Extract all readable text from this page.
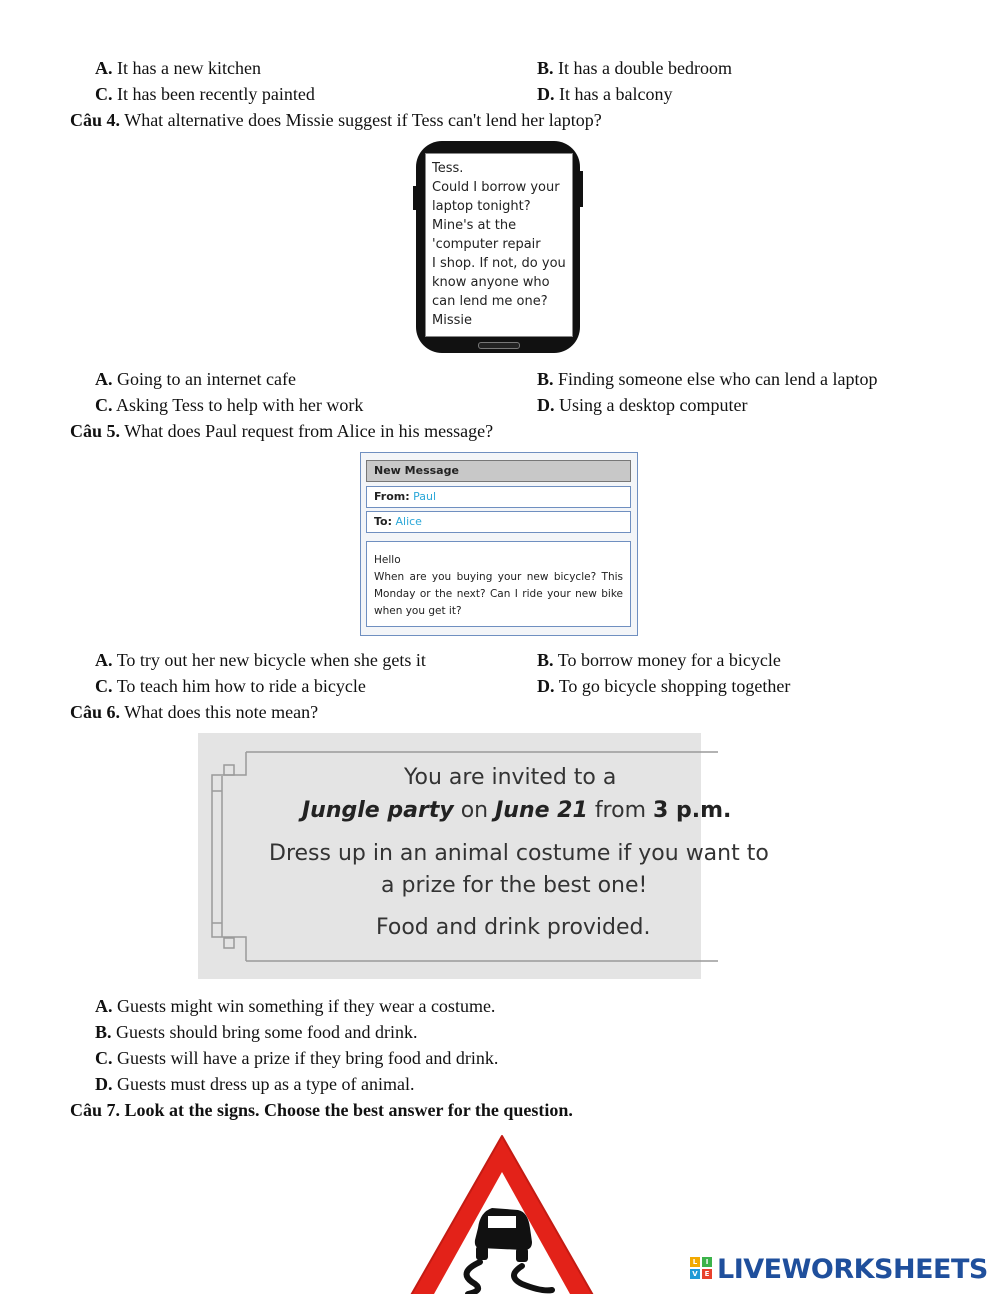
A. It has a new kitchen	B. It has a double bedroom
C. It has been recently painted	D. It has a balcony
Câu 4. What alternative does Missie suggest if Tess can't lend her laptop?
Tess.
Could I borrow your
laptop tonight?
Mine's at the
'computer repair
I shop. If not, do you
know anyone who
can lend me one?
Missie
A. Going to an internet cafe	B. Finding someone else who can lend a laptop
C. Asking Tess to help with her work	D. Using a desktop computer
Câu 5. What does Paul request from Alice in his message?
New Message
From: Paul
To: Alice
Hello
When are you buying your new bicycle? This Monday or the next? Can I ride your new bike when you get it?
A. To try out her new bicycle when she gets it	B. To borrow money for a bicycle
C. To teach him how to ride a bicycle	D. To go bicycle shopping together
Câu 6. What does this note mean?
You are invited to a
Jungle party on June 21 from 3 p.m.
Dress up in an animal costume if you want to
a prize for the best one!
Food and drink provided.
A. Guests might win something if they wear a costume.
B. Guests should bring some food and drink.
C. Guests will have a prize if they bring food and drink.
D. Guests must dress up as a type of animal.
Câu 7. Look at the signs. Choose the best answer for the question.
L	I
V E LIVEWORKSHEETS
